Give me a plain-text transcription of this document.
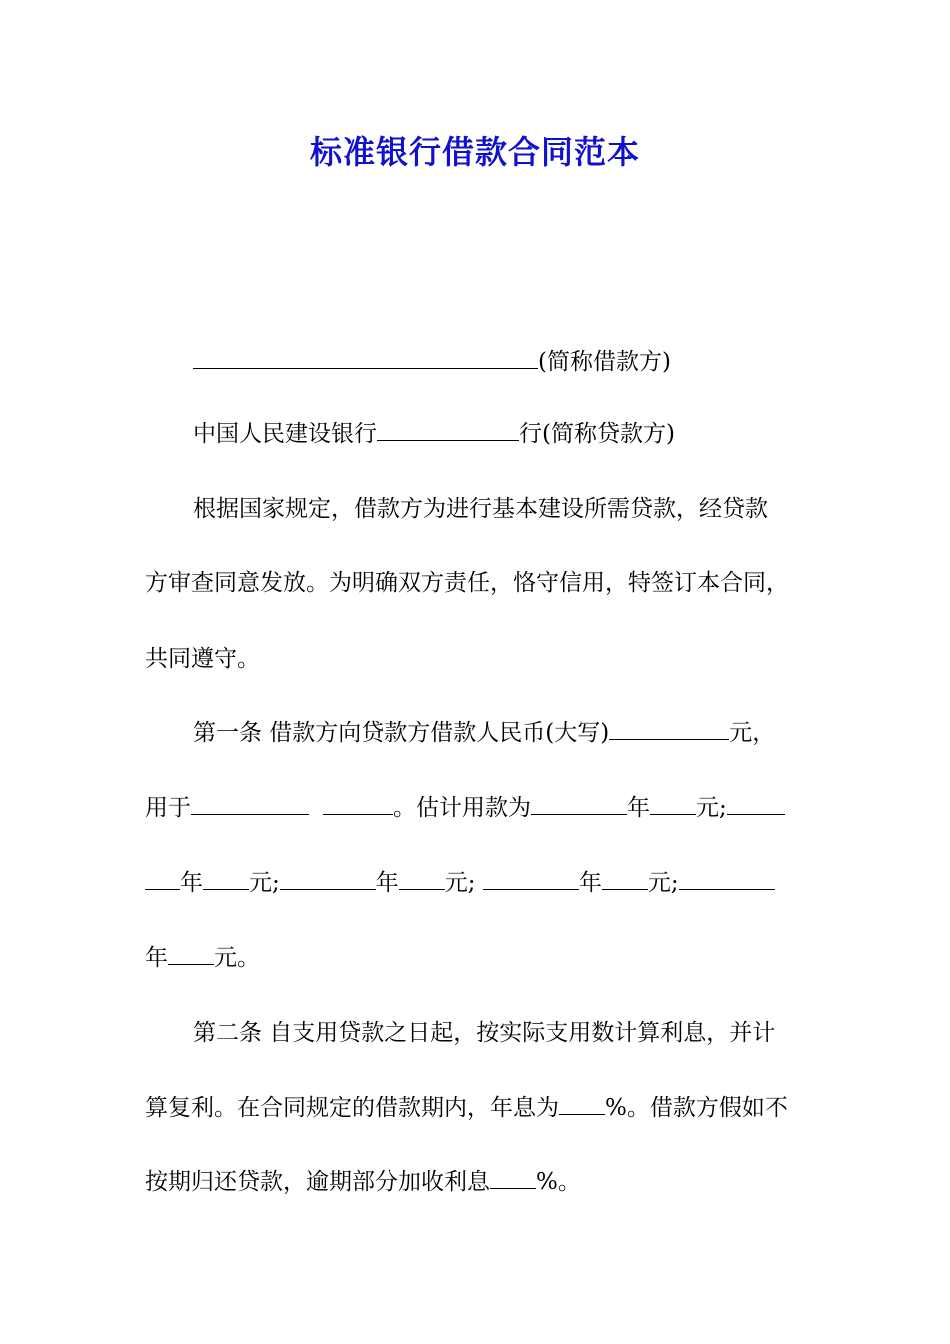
标准银行借款合同范本
(简称借款方)
中国人民建设银行	行(简称贷款方)
根据国家规定，借款方为进行基本建设所需贷款，经贷款
方审查同意发放。为明确双方责任，恪守信用，特签订本合同，
共同遵守。
第一条 借款方向贷款方借款人民币(大写)	元，
用于	。估计用款为	年 元;
年 元;	年 元;	年 元;
年 元。
第二条 自支用贷款之日起，按实际支用数计算利息，并计
算复利。在合同规定的借款期内，年息为 %。借款方假如不
按期归还贷款，逾期部分加收利息 %。
